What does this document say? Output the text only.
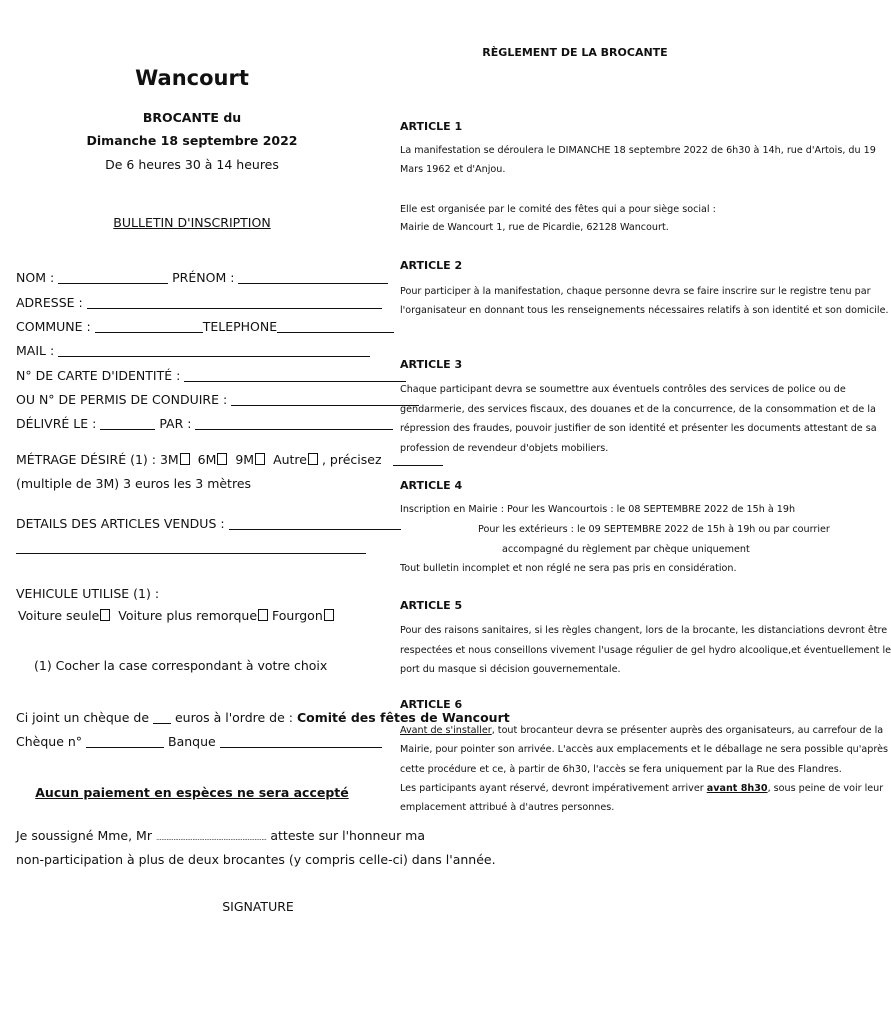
Wancourt
BROCANTE du
Dimanche 18 septembre 2022
De 6 heures 30 à 14 heures
BULLETIN D'INSCRIPTION
NOM :	PRÉNOM :
ADRESSE :
COMMUNE :	TELEPHONE
MAIL :
N° DE CARTE D'IDENTITÉ :
OU N° DE PERMIS DE CONDUIRE :
DÉLIVRÉ LE :	PAR :
MÉTRAGE DÉSIRÉ (1) : 3M 6M 9M Autre , précisez
(multiple de 3M) 3 euros les 3 mètres
DETAILS DES ARTICLES VENDUS :
VEHICULE UTILISE (1) :
Voiture seule Voiture plus remorque Fourgon
(1) Cocher la case correspondant à votre choix
Ci joint un chèque de euros à l'ordre de : Comité des fêtes de Wancourt
Chèque n°	Banque
Aucun paiement en espèces ne sera accepté
Je soussigné Mme, Mr ................................................................ atteste sur l'honneur ma
non-participation à plus de deux brocantes (y compris celle-ci) dans l'année.
SIGNATURE
RÈGLEMENT DE LA BROCANTE
ARTICLE 1
La manifestation se déroulera le DIMANCHE 18 septembre 2022 de 6h30 à 14h, rue d'Artois, du 19
Mars 1962 et d'Anjou.
Elle est organisée par le comité des fêtes qui a pour siège social :
Mairie de Wancourt 1, rue de Picardie, 62128 Wancourt.
ARTICLE 2
Pour participer à la manifestation, chaque personne devra se faire inscrire sur le registre tenu par
l'organisateur en donnant tous les renseignements nécessaires relatifs à son identité et son domicile.
ARTICLE 3
Chaque participant devra se soumettre aux éventuels contrôles des services de police ou de
gendarmerie, des services fiscaux, des douanes et de la concurrence, de la consommation et de la
répression des fraudes, pouvoir justifier de son identité et présenter les documents attestant de sa
profession de revendeur d'objets mobiliers.
ARTICLE 4
Inscription en Mairie : Pour les Wancourtois : le 08 SEPTEMBRE 2022 de 15h à 19h
Pour les extérieurs : le 09 SEPTEMBRE 2022 de 15h à 19h ou par courrier
accompagné du règlement par chèque uniquement
Tout bulletin incomplet et non réglé ne sera pas pris en considération.
ARTICLE 5
Pour des raisons sanitaires, si les règles changent, lors de la brocante, les distanciations devront être
respectées et nous conseillons vivement l'usage régulier de gel hydro alcoolique,et éventuellement le
port du masque si décision gouvernementale.
ARTICLE 6
Avant de s'installer, tout brocanteur devra se présenter auprès des organisateurs, au carrefour de la
Mairie, pour pointer son arrivée. L'accès aux emplacements et le déballage ne sera possible qu'après
cette procédure et ce, à partir de 6h30, l'accès se fera uniquement par la Rue des Flandres.
Les participants ayant réservé, devront impérativement arriver avant 8h30, sous peine de voir leur
emplacement attribué à d'autres personnes.
